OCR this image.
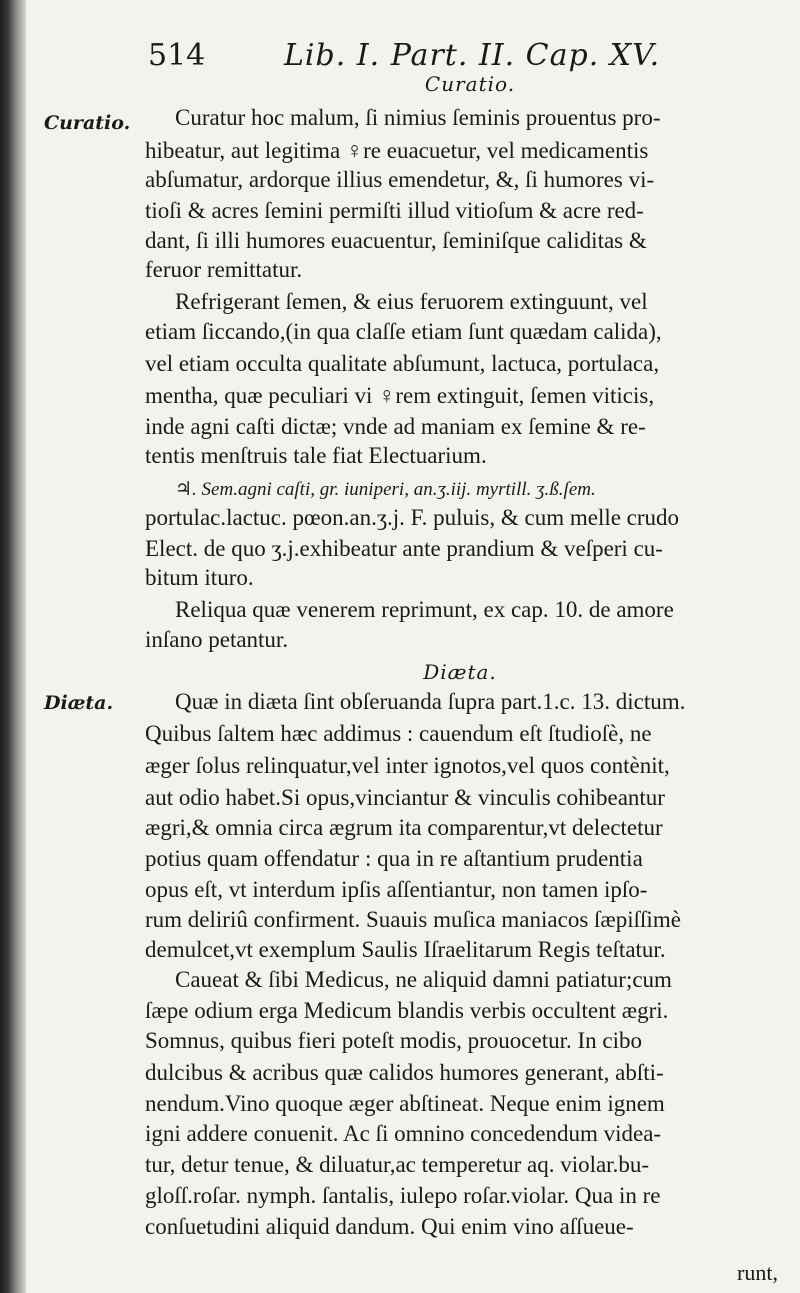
514	Lib. I. Part. II. Cap. XV.
Curatio.
Curatio. Curatur hoc malum, ſi nimius ſeminis prouentus pro-
hibeatur, aut legitima ♀re euacuetur, vel medicamentis
abſumatur, ardorque illius emendetur, &, ſi humores vi-
tioſi & acres ſemini permiſti illud vitioſum & acre red-
dant, ſi illi humores euacuentur, ſeminiſque caliditas &
feruor remittatur.
Refrigerant ſemen, & eius feruorem extinguunt, vel
etiam ſiccando,(in qua claſſe etiam ſunt quædam calida),
vel etiam occulta qualitate abſumunt, lactuca, portulaca,
mentha, quæ peculiari vi ♀rem extinguit, ſemen viticis,
inde agni caſti dictæ; vnde ad maniam ex ſemine & re-
tentis menſtruis tale fiat Electuarium.
♃. Sem.agni caſti, gr. iuniperi, an.ʒ.iij. myrtill. ʒ.ß.ſem.
portulac.lactuc. pœon.an.ʒ.j. F. puluis, & cum melle crudo
Elect. de quo ʒ.j.exhibeatur ante prandium & veſperi cu-
bitum ituro.
Reliqua quæ venerem reprimunt, ex cap. 10. de amore
inſano petantur.
Diæta.
Diæta.	Quæ in diæta ſint obſeruanda ſupra part.1.c. 13. dictum.
Quibus ſaltem hæc addimus : cauendum eſt ſtudioſè, ne
æger ſolus relinquatur,vel inter ignotos,vel quos contènit,
aut odio habet.Si opus,vinciantur & vinculis cohibeantur
ægri,& omnia circa ægrum ita comparentur,vt delectetur
potius quam offendatur : qua in re aſtantium prudentia
opus eſt, vt interdum ipſis aſſentiantur, non tamen ipſo-
rum deliriû confirment. Suauis muſica maniacos ſæpiſſimè
demulcet,vt exemplum Saulis Iſraelitarum Regis teſtatur.
Caueat & ſibi Medicus, ne aliquid damni patiatur;cum
ſæpe odium erga Medicum blandis verbis occultent ægri.
Somnus, quibus fieri poteſt modis, prouocetur. In cibo
dulcibus & acribus quæ calidos humores generant, abſti-
nendum.Vino quoque æger abſtineat. Neque enim ignem
igni addere conuenit. Ac ſi omnino concedendum videa-
tur, detur tenue, & diluatur,ac temperetur aq. violar.bu-
gloſſ.roſar. nymph. ſantalis, iulepo roſar.violar. Qua in re
conſuetudini aliquid dandum. Qui enim vino aſſueue-
runt,
